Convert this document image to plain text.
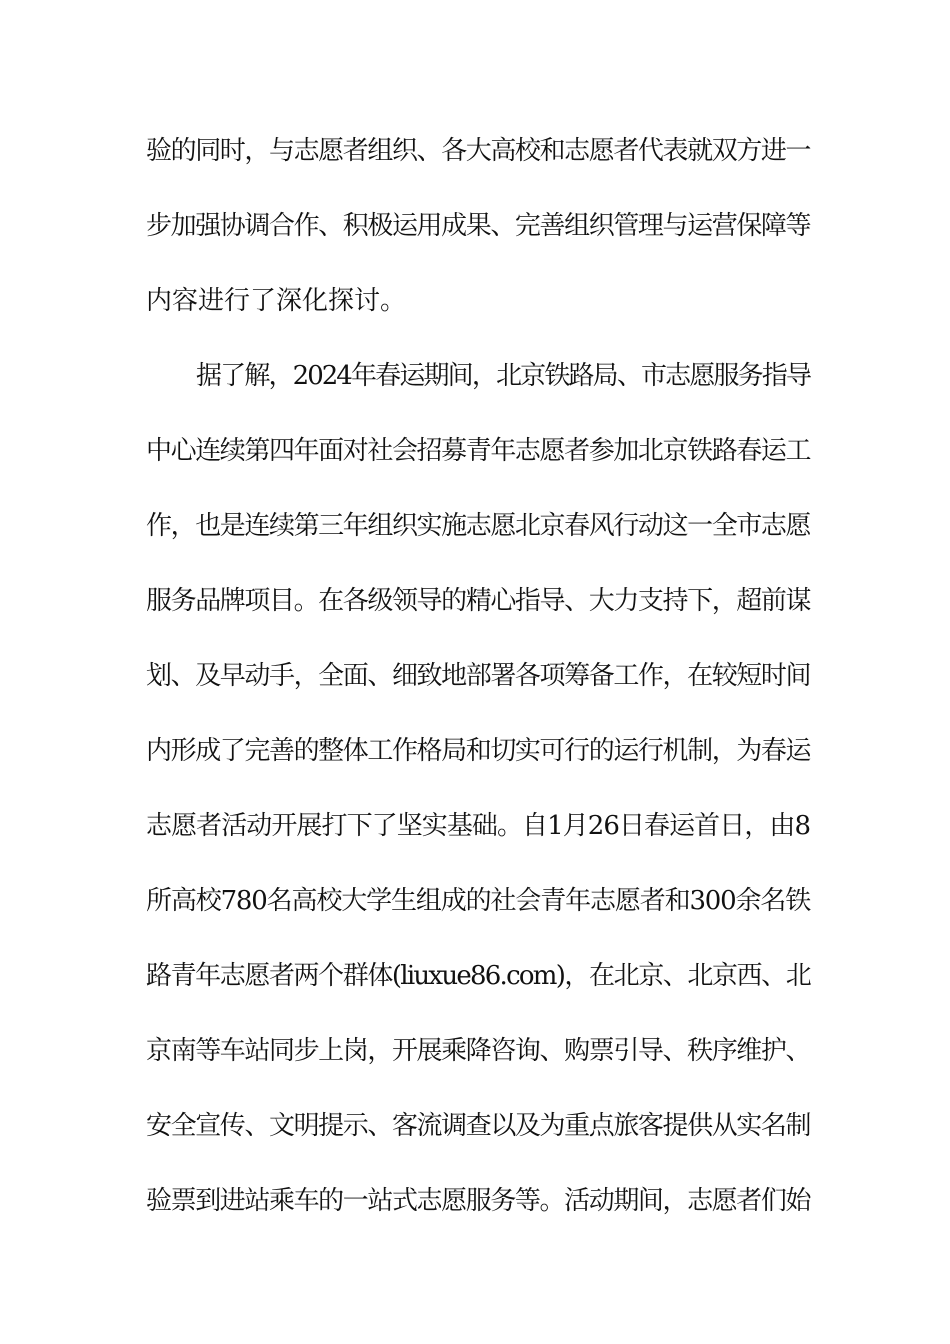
验的同时，与志愿者组织、各大高校和志愿者代表就双方进一
步加强协调合作、积极运用成果、完善组织管理与运营保障等
内容进行了深化探讨。
据了解，2024年春运期间，北京铁路局、市志愿服务指导
中心连续第四年面对社会招募青年志愿者参加北京铁路春运工
作，也是连续第三年组织实施志愿北京春风行动这一全市志愿
服务品牌项目。在各级领导的精心指导、大力支持下，超前谋
划、及早动手，全面、细致地部署各项筹备工作，在较短时间
内形成了完善的整体工作格局和切实可行的运行机制，为春运
志愿者活动开展打下了坚实基础。自1月26日春运首日，由8
所高校780名高校大学生组成的社会青年志愿者和300余名铁
路青年志愿者两个群体(liuxue86.com)，在北京、北京西、北
京南等车站同步上岗，开展乘降咨询、购票引导、秩序维护、
安全宣传、文明提示、客流调查以及为重点旅客提供从实名制
验票到进站乘车的一站式志愿服务等。活动期间，志愿者们始
